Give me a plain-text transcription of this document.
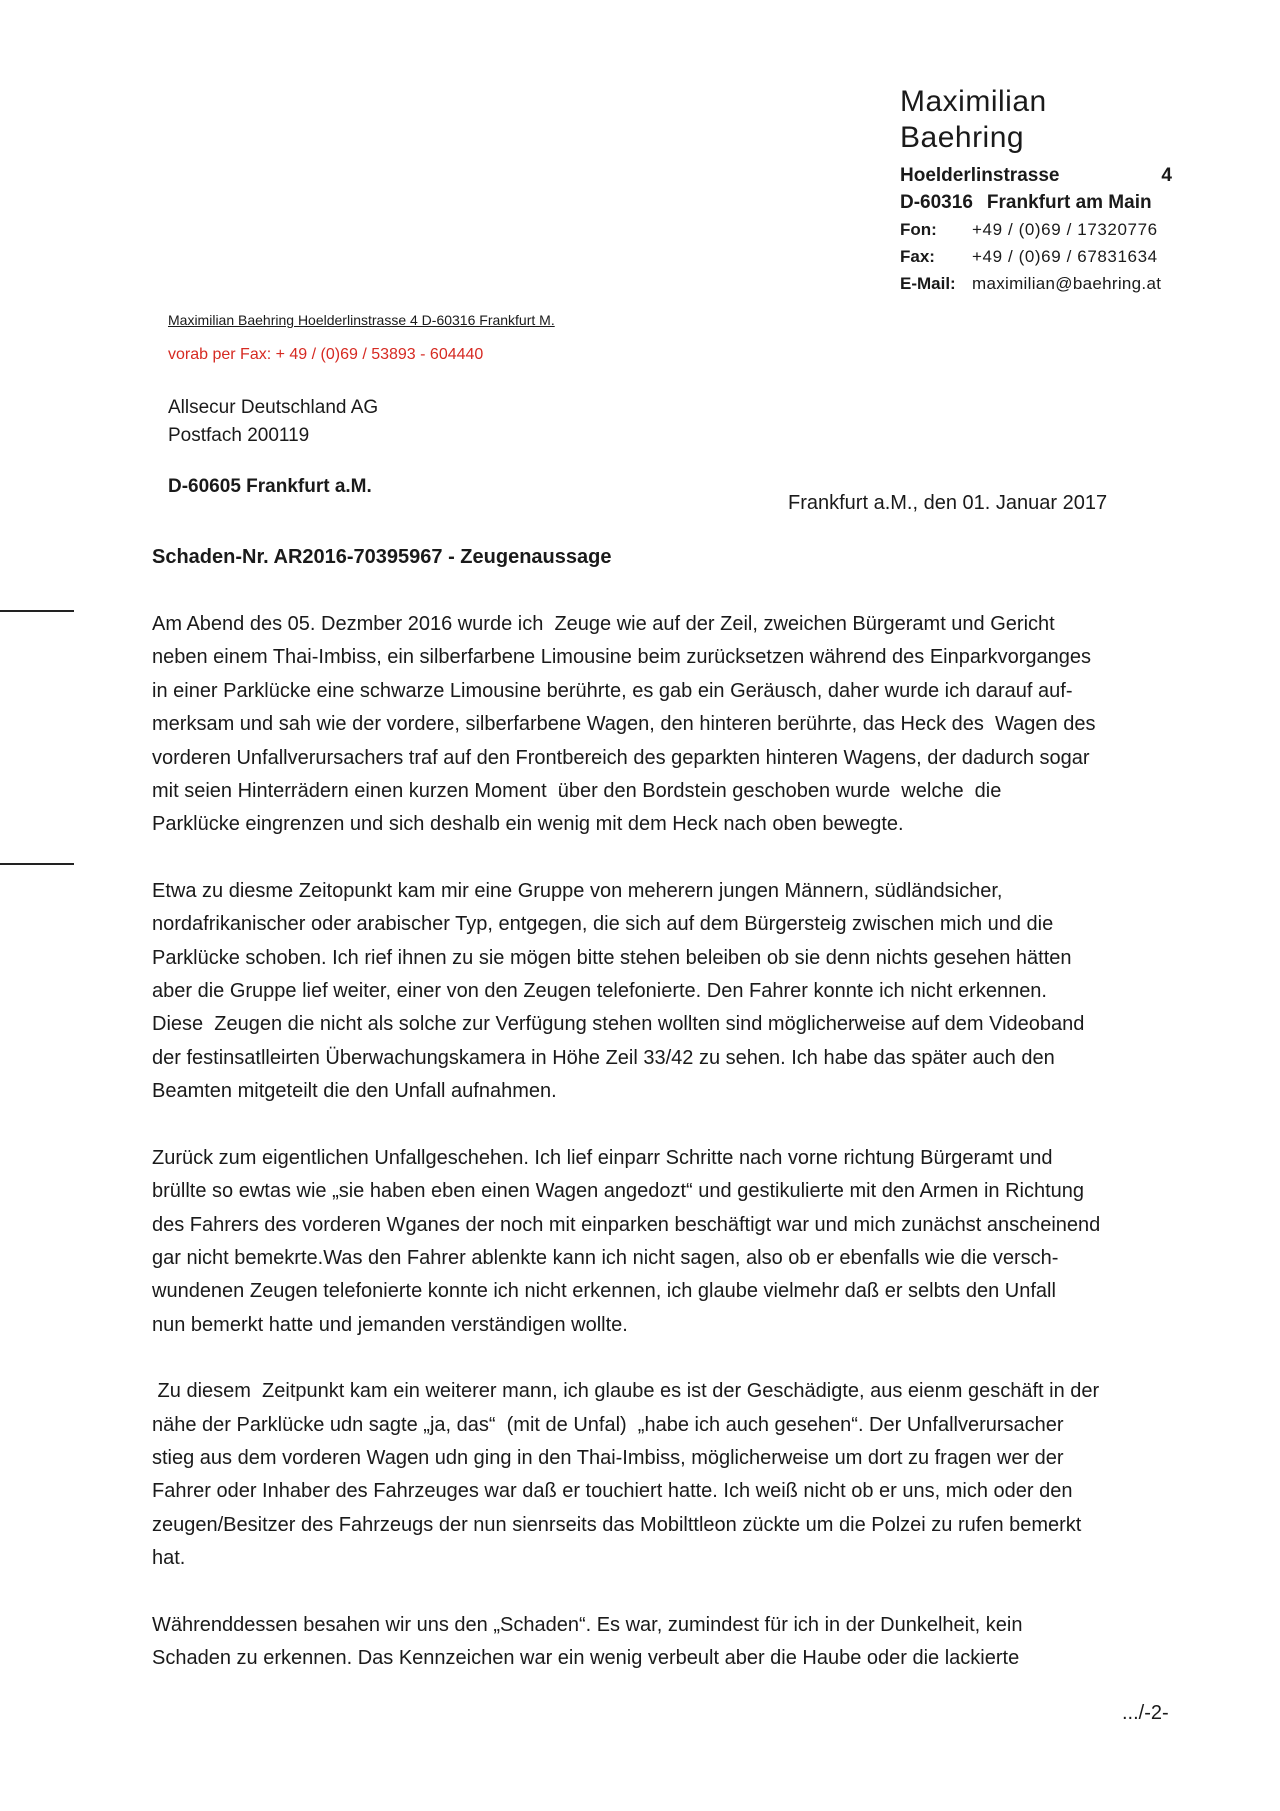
Maximilian Baehring
Hoelderlinstrasse	4
D-60316 Frankfurt am Main
Fon:	+49 / (0)69 / 17320776
Fax:	+49 / (0)69 / 67831634
E-Mail: maximilian@baehring.at
Maximilian Baehring Hoelderlinstrasse 4 D-60316 Frankfurt M.
vorab per Fax: + 49 / (0)69 / 53893 - 604440
Allsecur Deutschland AG
Postfach 200119
D-60605 Frankfurt a.M.
Frankfurt a.M., den 01. Januar 2017
Schaden-Nr. AR2016-70395967 - Zeugenaussage
Am Abend des 05. Dezmber 2016 wurde ich  Zeuge wie auf der Zeil, zweichen Bürgeramt und Gericht
neben einem Thai-Imbiss, ein silberfarbene Limousine beim zurücksetzen während des Einparkvorganges
in einer Parklücke eine schwarze Limousine berührte, es gab ein Geräusch, daher wurde ich darauf auf-
merksam und sah wie der vordere, silberfarbene Wagen, den hinteren berührte, das Heck des  Wagen des
vorderen Unfallverursachers traf auf den Frontbereich des geparkten hinteren Wagens, der dadurch sogar
mit seien Hinterrädern einen kurzen Moment  über den Bordstein geschoben wurde  welche  die
Parklücke eingrenzen und sich deshalb ein wenig mit dem Heck nach oben bewegte.
Etwa zu diesme Zeitopunkt kam mir eine Gruppe von meherern jungen Männern, südländsicher,
nordafrikanischer oder arabischer Typ, entgegen, die sich auf dem Bürgersteig zwischen mich und die
Parklücke schoben. Ich rief ihnen zu sie mögen bitte stehen beleiben ob sie denn nichts gesehen hätten
aber die Gruppe lief weiter, einer von den Zeugen telefonierte. Den Fahrer konnte ich nicht erkennen.
Diese  Zeugen die nicht als solche zur Verfügung stehen wollten sind möglicherweise auf dem Videoband
der festinsatlleirten Überwachungskamera in Höhe Zeil 33/42 zu sehen. Ich habe das später auch den
Beamten mitgeteilt die den Unfall aufnahmen.
Zurück zum eigentlichen Unfallgeschehen. Ich lief einparr Schritte nach vorne richtung Bürgeramt und
brüllte so ewtas wie „sie haben eben einen Wagen angedozt“ und gestikulierte mit den Armen in Richtung
des Fahrers des vorderen Wganes der noch mit einparken beschäftigt war und mich zunächst anscheinend
gar nicht bemekrte.Was den Fahrer ablenkte kann ich nicht sagen, also ob er ebenfalls wie die versch-
wundenen Zeugen telefonierte konnte ich nicht erkennen, ich glaube vielmehr daß er selbts den Unfall
nun bemerkt hatte und jemanden verständigen wollte.
Zu diesem  Zeitpunkt kam ein weiterer mann, ich glaube es ist der Geschädigte, aus eienm geschäft in der
nähe der Parklücke udn sagte „ja, das“  (mit de Unfal)  „habe ich auch gesehen“. Der Unfallverursacher
stieg aus dem vorderen Wagen udn ging in den Thai-Imbiss, möglicherweise um dort zu fragen wer der
Fahrer oder Inhaber des Fahrzeuges war daß er touchiert hatte. Ich weiß nicht ob er uns, mich oder den
zeugen/Besitzer des Fahrzeugs der nun sienrseits das Mobilttleon zückte um die Polzei zu rufen bemerkt
hat.
Währenddessen besahen wir uns den „Schaden“. Es war, zumindest für ich in der Dunkelheit, kein
Schaden zu erkennen. Das Kennzeichen war ein wenig verbeult aber die Haube oder die lackierte
.../-2-
